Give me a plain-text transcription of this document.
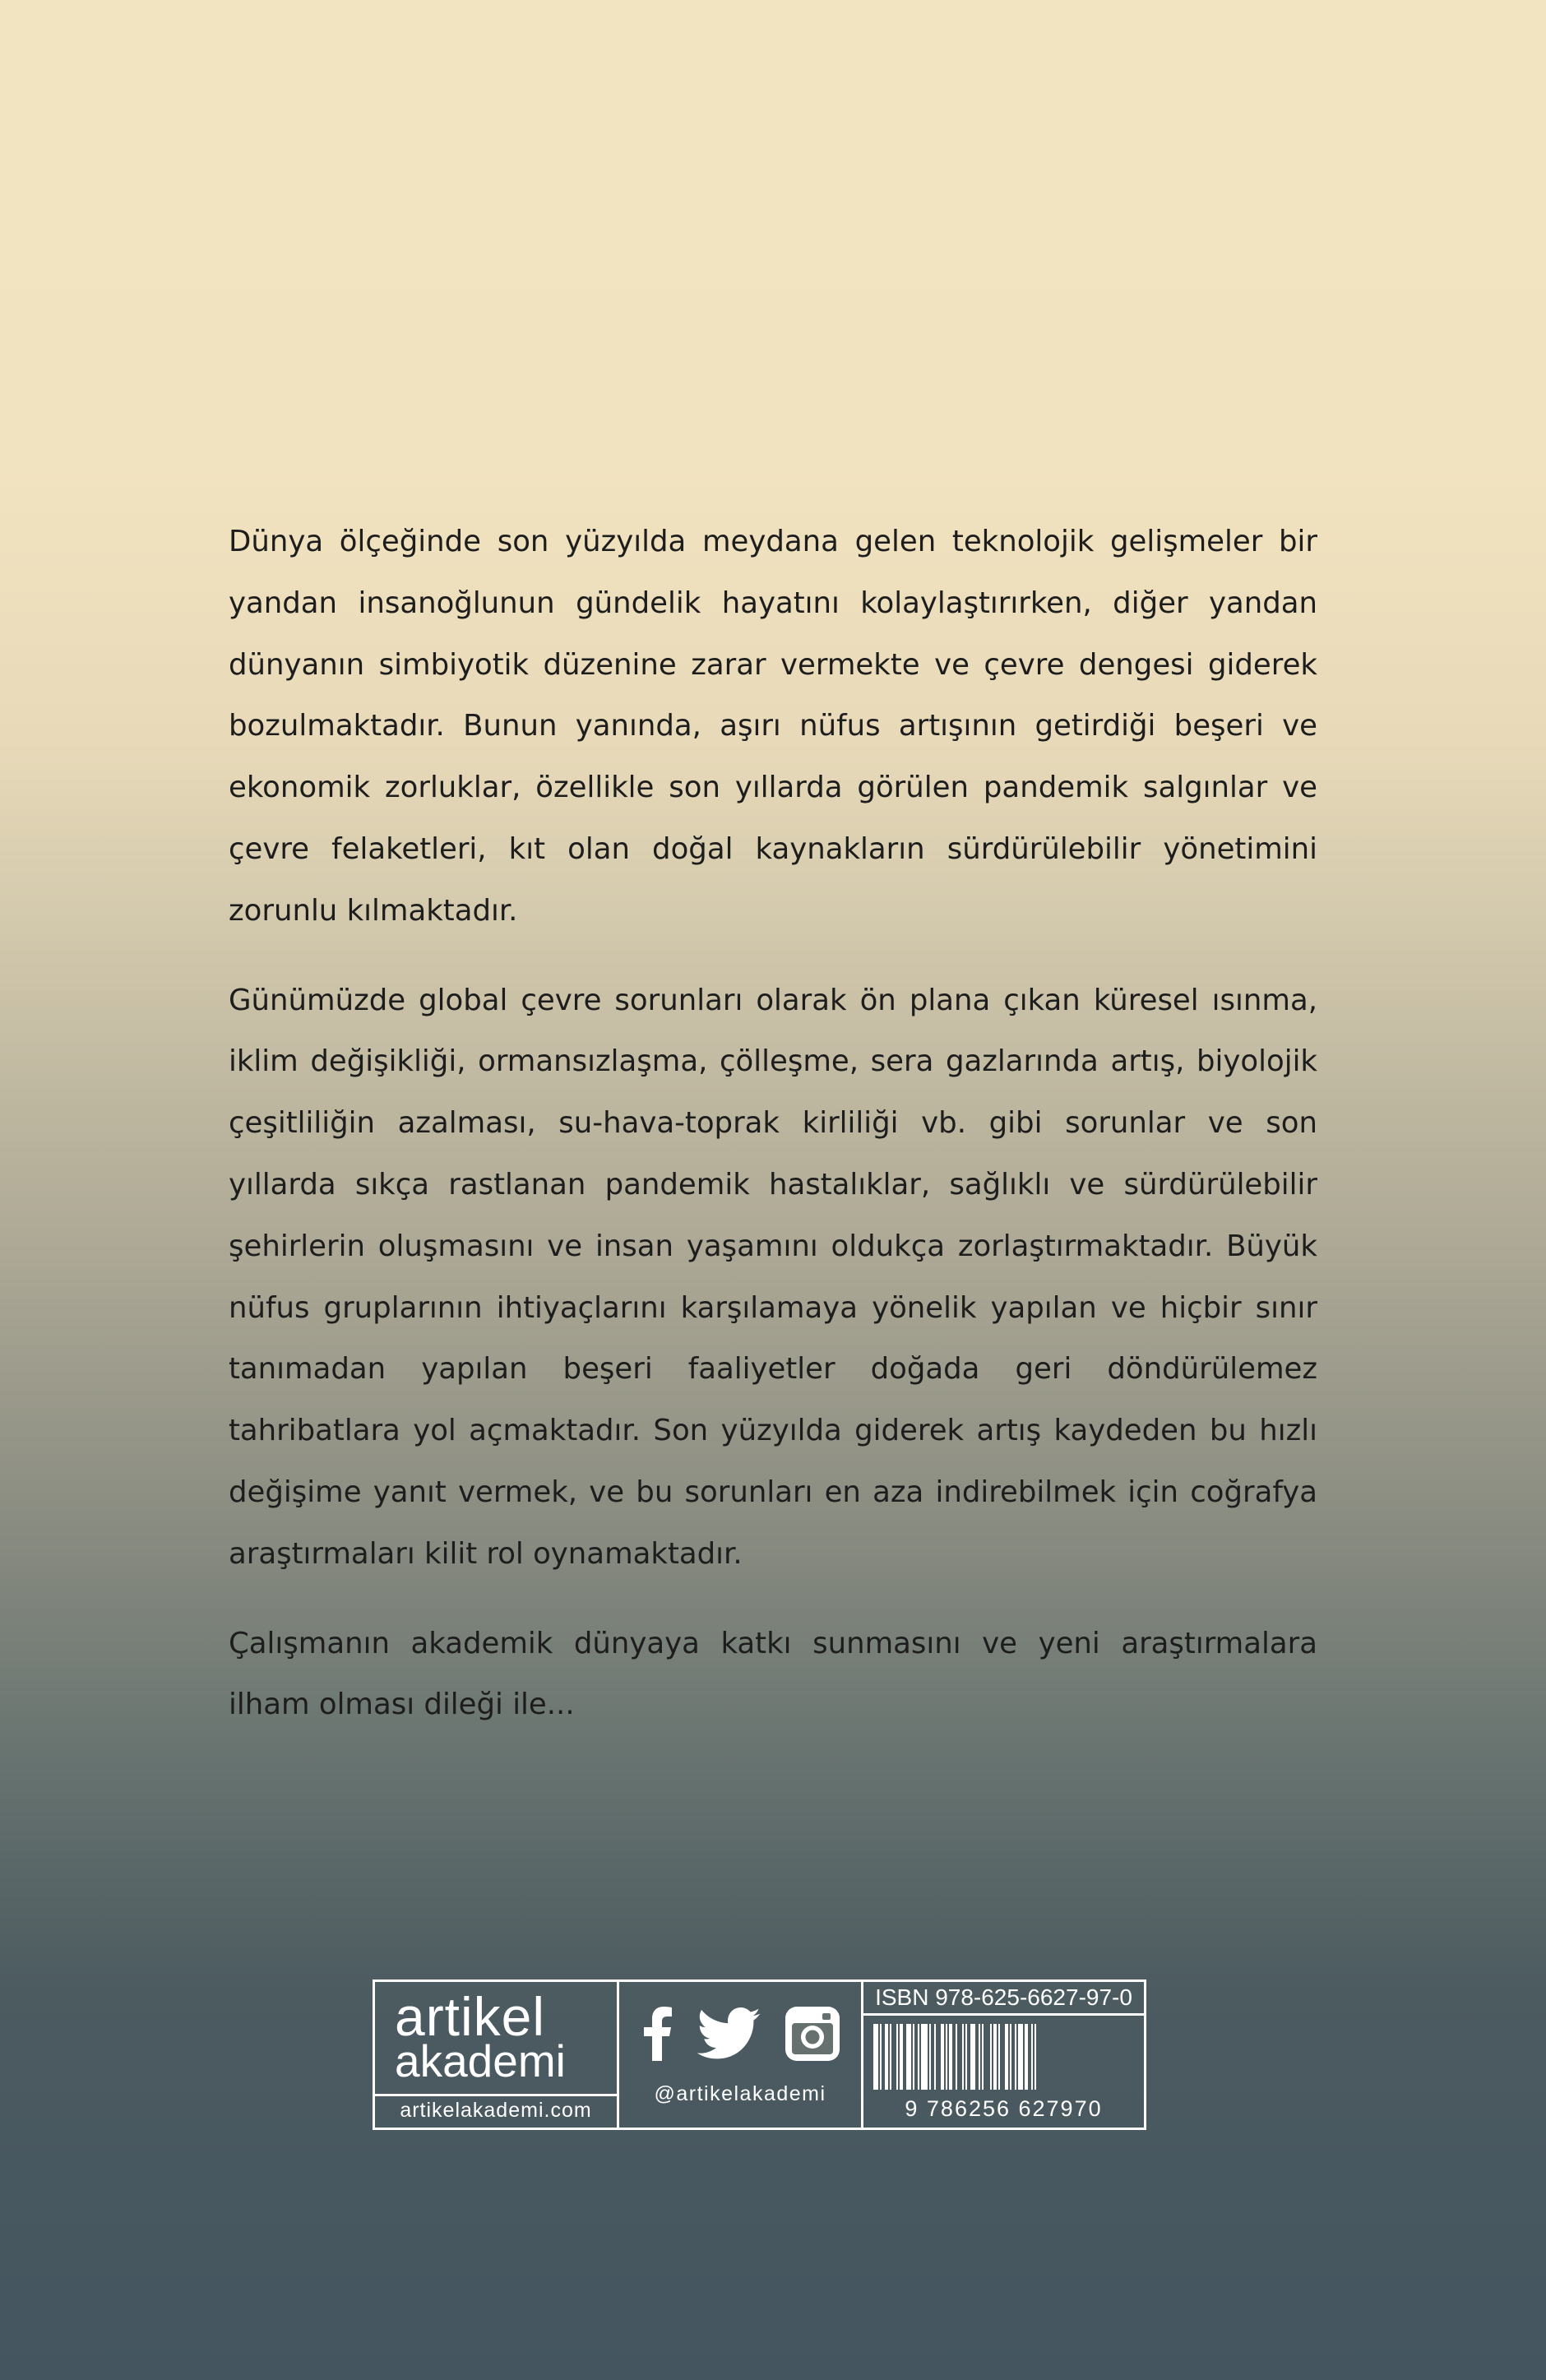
Dünya ölçeğinde son yüzyılda meydana gelen teknolojik gelişmeler bir yandan insanoğlunun gündelik hayatını kolaylaştırırken, diğer yandan dünyanın simbiyotik düzenine zarar vermekte ve çevre dengesi giderek bozulmaktadır. Bunun yanında, aşırı nüfus artışının getirdiği beşeri ve ekonomik zorluklar, özellikle son yıllarda görülen pandemik salgınlar ve çevre felaketleri, kıt olan doğal kaynakların sürdürülebilir yönetimini zorunlu kılmaktadır.

Günümüzde global çevre sorunları olarak ön plana çıkan küresel ısınma, iklim değişikliği, ormansızlaşma, çölleşme, sera gazlarında artış, biyolojik çeşitliliğin azalması, su-hava-toprak kirliliği vb. gibi sorunlar ve son yıllarda sıkça rastlanan pandemik hastalıklar, sağlıklı ve sürdürülebilir şehirlerin oluşmasını ve insan yaşamını oldukça zorlaştırmaktadır. Büyük nüfus gruplarının ihtiyaçlarını karşılamaya yönelik yapılan ve hiçbir sınır tanımadan yapılan beşeri faaliyetler doğada geri döndürülemez tahribatlara yol açmaktadır. Son yüzyılda giderek artış kaydeden bu hızlı değişime yanıt vermek, ve bu sorunları en aza indirebilmek için coğrafya araştırmaları kilit rol oynamaktadır.

Çalışmanın akademik dünyaya katkı sunmasını ve yeni araştırmalara ilham olması dileği ile...

artikel
akademi
artikelakademi.com
@artikelakademi
ISBN 978-625-6627-97-0
9 786256 627970
